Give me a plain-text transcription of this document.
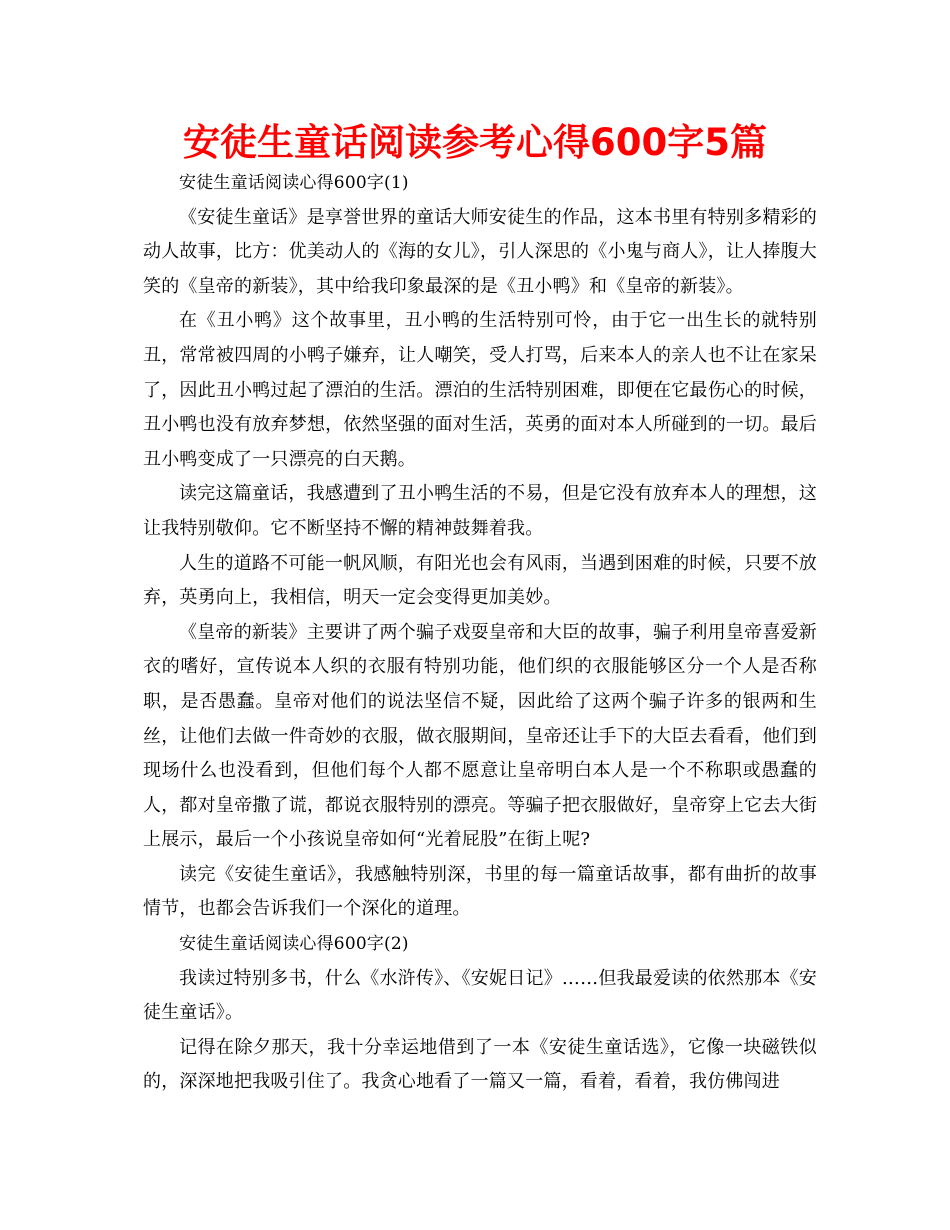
安徒生童话阅读参考心得600字5篇

安徒生童话阅读心得600字(1)

《安徒生童话》是享誉世界的童话大师安徒生的作品，这本书里有特别多精彩的动人故事，比方：优美动人的《海的女儿》，引人深思的《小鬼与商人》，让人捧腹大笑的《皇帝的新装》，其中给我印象最深的是《丑小鸭》和《皇帝的新装》。

在《丑小鸭》这个故事里，丑小鸭的生活特别可怜，由于它一出生长的就特别丑，常常被四周的小鸭子嫌弃，让人嘲笑，受人打骂，后来本人的亲人也不让在家呆了，因此丑小鸭过起了漂泊的生活。漂泊的生活特别困难，即便在它最伤心的时候，丑小鸭也没有放弃梦想，依然坚强的面对生活，英勇的面对本人所碰到的一切。最后丑小鸭变成了一只漂亮的白天鹅。

读完这篇童话，我感遭到了丑小鸭生活的不易，但是它没有放弃本人的理想，这让我特别敬仰。它不断坚持不懈的精神鼓舞着我。

人生的道路不可能一帆风顺，有阳光也会有风雨，当遇到困难的时候，只要不放弃，英勇向上，我相信，明天一定会变得更加美妙。

《皇帝的新装》主要讲了两个骗子戏耍皇帝和大臣的故事，骗子利用皇帝喜爱新衣的嗜好，宣传说本人织的衣服有特别功能，他们织的衣服能够区分一个人是否称职，是否愚蠢。皇帝对他们的说法坚信不疑，因此给了这两个骗子许多的银两和生丝，让他们去做一件奇妙的衣服，做衣服期间，皇帝还让手下的大臣去看看，他们到现场什么也没看到，但他们每个人都不愿意让皇帝明白本人是一个不称职或愚蠢的人，都对皇帝撒了谎，都说衣服特别的漂亮。等骗子把衣服做好，皇帝穿上它去大街上展示，最后一个小孩说皇帝如何“光着屁股”在街上呢?

读完《安徒生童话》，我感触特别深，书里的每一篇童话故事，都有曲折的故事情节，也都会告诉我们一个深化的道理。

安徒生童话阅读心得600字(2)

我读过特别多书，什么《水浒传》、《安妮日记》……但我最爱读的依然那本《安徒生童话》。

记得在除夕那天，我十分幸运地借到了一本《安徒生童话选》，它像一块磁铁似的，深深地把我吸引住了。我贪心地看了一篇又一篇，看着，看着，我仿佛闯进
